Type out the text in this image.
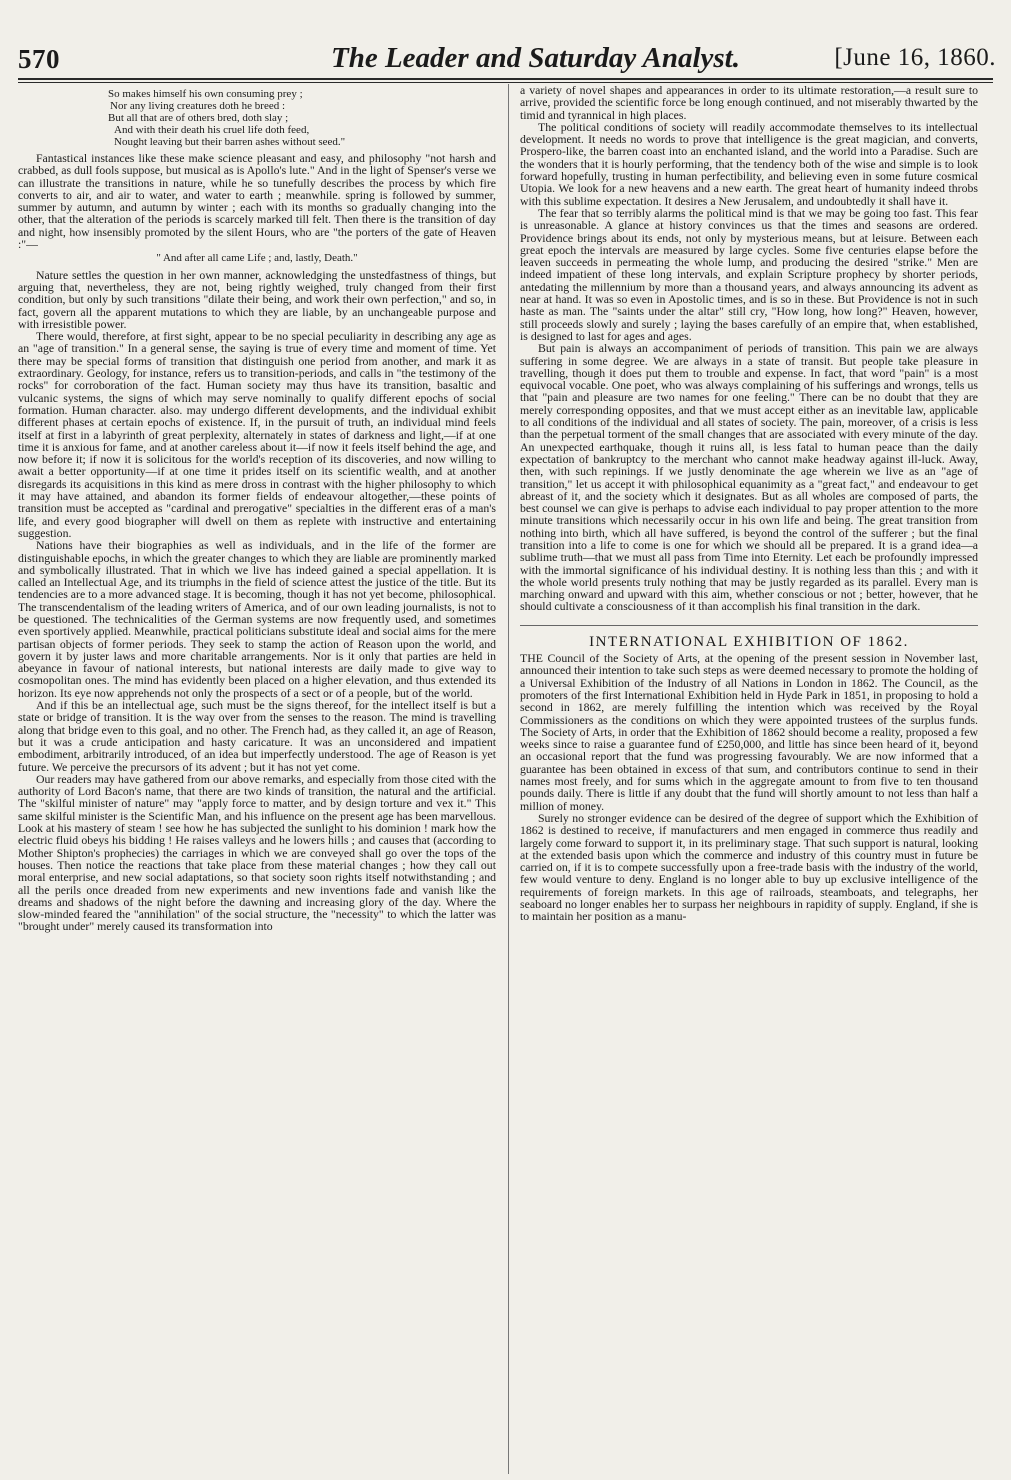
570	The Leader and Saturday Analyst.	[June 16, 1860.
So makes himself his own consuming prey ;
Nor any living creatures doth he breed :
But all that are of others bred, doth slay ;
And with their death his cruel life doth feed,
Nought leaving but their barren ashes without seed."

Fantastical instances like these make science pleasant and easy, and philosophy "not harsh and crabbed, as dull fools suppose, but musical as is Apollo's lute." And in the light of Spenser's verse we can illustrate the transitions in nature, while he so tunefully describes the process by which fire converts to air, and air to water, and water to earth ; meanwhile. spring is followed by summer, summer by autumn, and autumn by winter ; each with its months so gradually changing into the other, that the alteration of the periods is scarcely marked till felt. Then there is the transition of day and night, how insensibly promoted by the silent Hours, who are "the porters of the gate of Heaven :"—

" And after all came Life ; and, lastly, Death."

Nature settles the question in her own manner, acknowledging the unstedfastness of things, but arguing that, nevertheless, they are not, being rightly weighed, truly changed from their first condition, but only by such transitions "dilate their being, and work their own perfection," and so, in fact, govern all the apparent mutations to which they are liable, by an unchangeable purpose and with irresistible power.

There would, therefore, at first sight, appear to be no special peculiarity in describing any age as an "age of transition." In a general sense, the saying is true of every time and moment of time. Yet there may be special forms of transition that distinguish one period from another, and mark it as extraordinary. Geology, for instance, refers us to transition-periods, and calls in "the testimony of the rocks" for corroboration of the fact. Human society may thus have its transition, basaltic and vulcanic systems, the signs of which may serve nominally to qualify different epochs of social formation. Human character. also. may undergo different developments, and the individual exhibit different phases at certain epochs of existence. If, in the pursuit of truth, an individual mind feels itself at first in a labyrinth of great perplexity, alternately in states of darkness and light,—if at one time it is anxious for fame, and at another careless about it—if now it feels itself behind the age, and now before it; if now it is solicitous for the world's reception of its discoveries, and now willing to await a better opportunity—if at one time it prides itself on its scientific wealth, and at another disregards its acquisitions in this kind as mere dross in contrast with the higher philosophy to which it may have attained, and abandon its former fields of endeavour altogether,—these points of transition must be accepted as "cardinal and prerogative" specialties in the different eras of a man's life, and every good biographer will dwell on them as replete with instructive and entertaining suggestion.

Nations have their biographies as well as individuals, and in the life of the former are distinguishable epochs, in which the greater changes to which they are liable are prominently marked and symbolically illustrated. That in which we live has indeed gained a special appellation. It is called an Intellectual Age, and its triumphs in the field of science attest the justice of the title. But its tendencies are to a more advanced stage. It is becoming, though it has not yet become, philosophical. The transcendentalism of the leading writers of America, and of our own leading journalists, is not to be questioned. The technicalities of the German systems are now frequently used, and sometimes even sportively applied. Meanwhile, practical politicians substitute ideal and social aims for the mere partisan objects of former periods. They seek to stamp the action of Reason upon the world, and govern it by juster laws and more charitable arrangements. Nor is it only that parties are held in abeyance in favour of national interests, but national interests are daily made to give way to cosmopolitan ones. The mind has evidently been placed on a higher elevation, and thus extended its horizon. Its eye now apprehends not only the prospects of a sect or of a people, but of the world.

And if this be an intellectual age, such must be the signs thereof, for the intellect itself is but a state or bridge of transition. It is the way over from the senses to the reason. The mind is travelling along that bridge even to this goal, and no other. The French had, as they called it, an age of Reason, but it was a crude anticipation and hasty caricature. It was an unconsidered and impatient embodiment, arbitrarily introduced, of an idea but imperfectly understood. The age of Reason is yet future. We perceive the precursors of its advent ; but it has not yet come.

Our readers may have gathered from our above remarks, and especially from those cited with the authority of Lord Bacon's name, that there are two kinds of transition, the natural and the artificial. The "skilful minister of nature" may "apply force to matter, and by design torture and vex it." This same skilful minister is the Scientific Man, and his influence on the present age has been marvellous. Look at his mastery of steam ! see how he has subjected the sunlight to his dominion ! mark how the electric fluid obeys his bidding ! He raises valleys and he lowers hills ; and causes that (according to Mother Shipton's prophecies) the carriages in which we are conveyed shall go over the tops of the houses. Then notice the reactions that take place from these material changes ; how they call out moral enterprise, and new social adaptations, so that society soon rights itself notwithstanding ; and all the perils once dreaded from new experiments and new inventions fade and vanish like the dreams and shadows of the night before the dawning and increasing glory of the day. Where the slow-minded feared the "annihilation" of the social structure, the "necessity" to which the latter was "brought under" merely caused its transformation into

a variety of novel shapes and appearances in order to its ultimate restoration,—a result sure to arrive, provided the scientific force be long enough continued, and not miserably thwarted by the timid and tyrannical in high places.

The political conditions of society will readily accommodate themselves to its intellectual development. It needs no words to prove that intelligence is the great magician, and converts, Prospero-like, the barren coast into an enchanted island, and the world into a Paradise. Such are the wonders that it is hourly performing, that the tendency both of the wise and simple is to look forward hopefully, trusting in human perfectibility, and believing even in some future cosmical Utopia. We look for a new heavens and a new earth. The great heart of humanity indeed throbs with this sublime expectation. It desires a New Jerusalem, and undoubtedly it shall have it.

The fear that so terribly alarms the political mind is that we may be going too fast. This fear is unreasonable. A glance at history convinces us that the times and seasons are ordered. Providence brings about its ends, not only by mysterious means, but at leisure. Between each great epoch the intervals are measured by large cycles. Some five centuries elapse before the leaven succeeds in permeating the whole lump, and producing the desired "strike." Men are indeed impatient of these long intervals, and explain Scripture prophecy by shorter periods, antedating the millennium by more than a thousand years, and always announcing its advent as near at hand. It was so even in Apostolic times, and is so in these. But Providence is not in such haste as man. The "saints under the altar" still cry, "How long, how long?" Heaven, however, still proceeds slowly and surely ; laying the bases carefully of an empire that, when established, is designed to last for ages and ages.

But pain is always an accompaniment of periods of transition. This pain we are always suffering in some degree. We are always in a state of transit. But people take pleasure in travelling, though it does put them to trouble and expense. In fact, that word "pain" is a most equivocal vocable. One poet, who was always complaining of his sufferings and wrongs, tells us that "pain and pleasure are two names for one feeling." There can be no doubt that they are merely corresponding opposites, and that we must accept either as an inevitable law, applicable to all conditions of the individual and all states of society. The pain, moreover, of a crisis is less than the perpetual torment of the small changes that are associated with every minute of the day. An unexpected earthquake, though it ruins all, is less fatal to human peace than the daily expectation of bankruptcy to the merchant who cannot make headway against ill-luck. Away, then, with such repinings. If we justly denominate the age wherein we live as an "age of transition," let us accept it with philosophical equanimity as a "great fact," and endeavour to get abreast of it, and the society which it designates. But as all wholes are composed of parts, the best counsel we can give is perhaps to advise each individual to pay proper attention to the more minute transitions which necessarily occur in his own life and being. The great transition from nothing into birth, which all have suffered, is beyond the control of the sufferer ; but the final transition into a life to come is one for which we should all be prepared. It is a grand idea—a sublime truth—that we must all pass from Time into Eternity. Let each be profoundly impressed with the immortal significance of his individual destiny. It is nothing less than this ; and with it the whole world presents truly nothing that may be justly regarded as its parallel. Every man is marching onward and upward with this aim, whether conscious or not ; better, however, that he should cultivate a consciousness of it than accomplish his final transition in the dark.

INTERNATIONAL EXHIBITION OF 1862.

THE Council of the Society of Arts, at the opening of the present session in November last, announced their intention to take such steps as were deemed necessary to promote the holding of a Universal Exhibition of the Industry of all Nations in London in 1862. The Council, as the promoters of the first International Exhibition held in Hyde Park in 1851, in proposing to hold a second in 1862, are merely fulfilling the intention which was received by the Royal Commissioners as the conditions on which they were appointed trustees of the surplus funds. The Society of Arts, in order that the Exhibition of 1862 should become a reality, proposed a few weeks since to raise a guarantee fund of £250,000, and little has since been heard of it, beyond an occasional report that the fund was progressing favourably. We are now informed that a guarantee has been obtained in excess of that sum, and contributors continue to send in their names most freely, and for sums which in the aggregate amount to from five to ten thousand pounds daily. There is little if any doubt that the fund will shortly amount to not less than half a million of money.

Surely no stronger evidence can be desired of the degree of support which the Exhibition of 1862 is destined to receive, if manufacturers and men engaged in commerce thus readily and largely come forward to support it, in its preliminary stage. That such support is natural, looking at the extended basis upon which the commerce and industry of this country must in future be carried on, if it is to compete successfully upon a free-trade basis with the industry of the world, few would venture to deny. England is no longer able to buy up exclusive intelligence of the requirements of foreign markets. In this age of railroads, steamboats, and telegraphs, her seaboard no longer enables her to surpass her neighbours in rapidity of supply. England, if she is to maintain her position as a manu-
